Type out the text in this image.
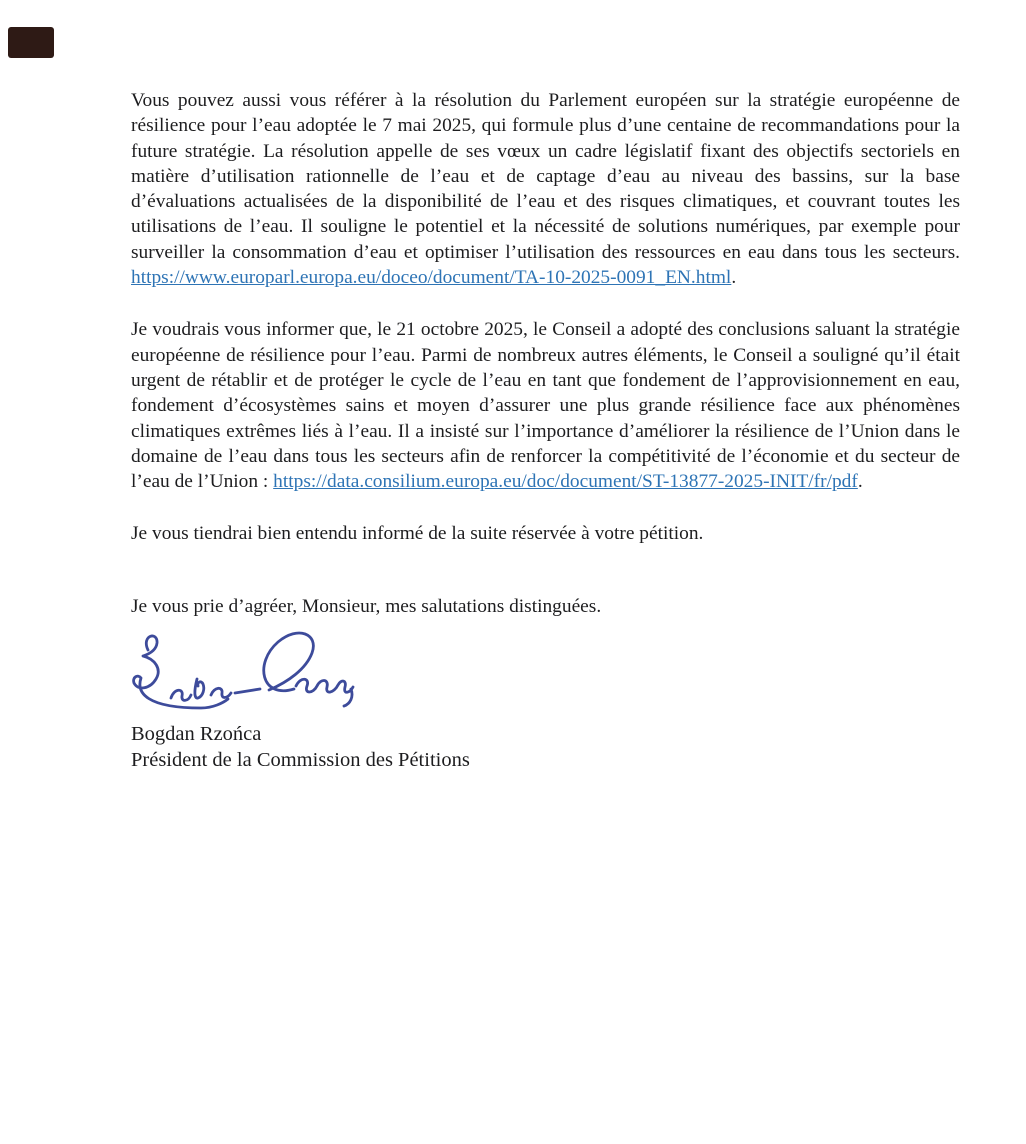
Vous pouvez aussi vous référer à la résolution du Parlement européen sur la stratégie européenne de résilience pour l’eau adoptée le 7 mai 2025, qui formule plus d’une centaine de recommandations pour la future stratégie. La résolution appelle de ses vœux un cadre législatif fixant des objectifs sectoriels en matière d’utilisation rationnelle de l’eau et de captage d’eau au niveau des bassins, sur la base d’évaluations actualisées de la disponibilité de l’eau et des risques climatiques, et couvrant toutes les utilisations de l’eau. Il souligne le potentiel et la nécessité de solutions numériques, par exemple pour surveiller la consommation d’eau et optimiser l’utilisation des ressources en eau dans tous les secteurs. https://www.europarl.europa.eu/doceo/document/TA-10-2025-0091_EN.html.

Je voudrais vous informer que, le 21 octobre 2025, le Conseil a adopté des conclusions saluant la stratégie européenne de résilience pour l’eau. Parmi de nombreux autres éléments, le Conseil a souligné qu’il était urgent de rétablir et de protéger le cycle de l’eau en tant que fondement de l’approvisionnement en eau, fondement d’écosystèmes sains et moyen d’assurer une plus grande résilience face aux phénomènes climatiques extrêmes liés à l’eau. Il a insisté sur l’importance d’améliorer la résilience de l’Union dans le domaine de l’eau dans tous les secteurs afin de renforcer la compétitivité de l’économie et du secteur de l’eau de l’Union : https://data.consilium.europa.eu/doc/document/ST-13877-2025-INIT/fr/pdf.

Je vous tiendrai bien entendu informé de la suite réservée à votre pétition.

Je vous prie d’agréer, Monsieur, mes salutations distinguées.

Bogdan Rzońca

Président de la Commission des Pétitions
